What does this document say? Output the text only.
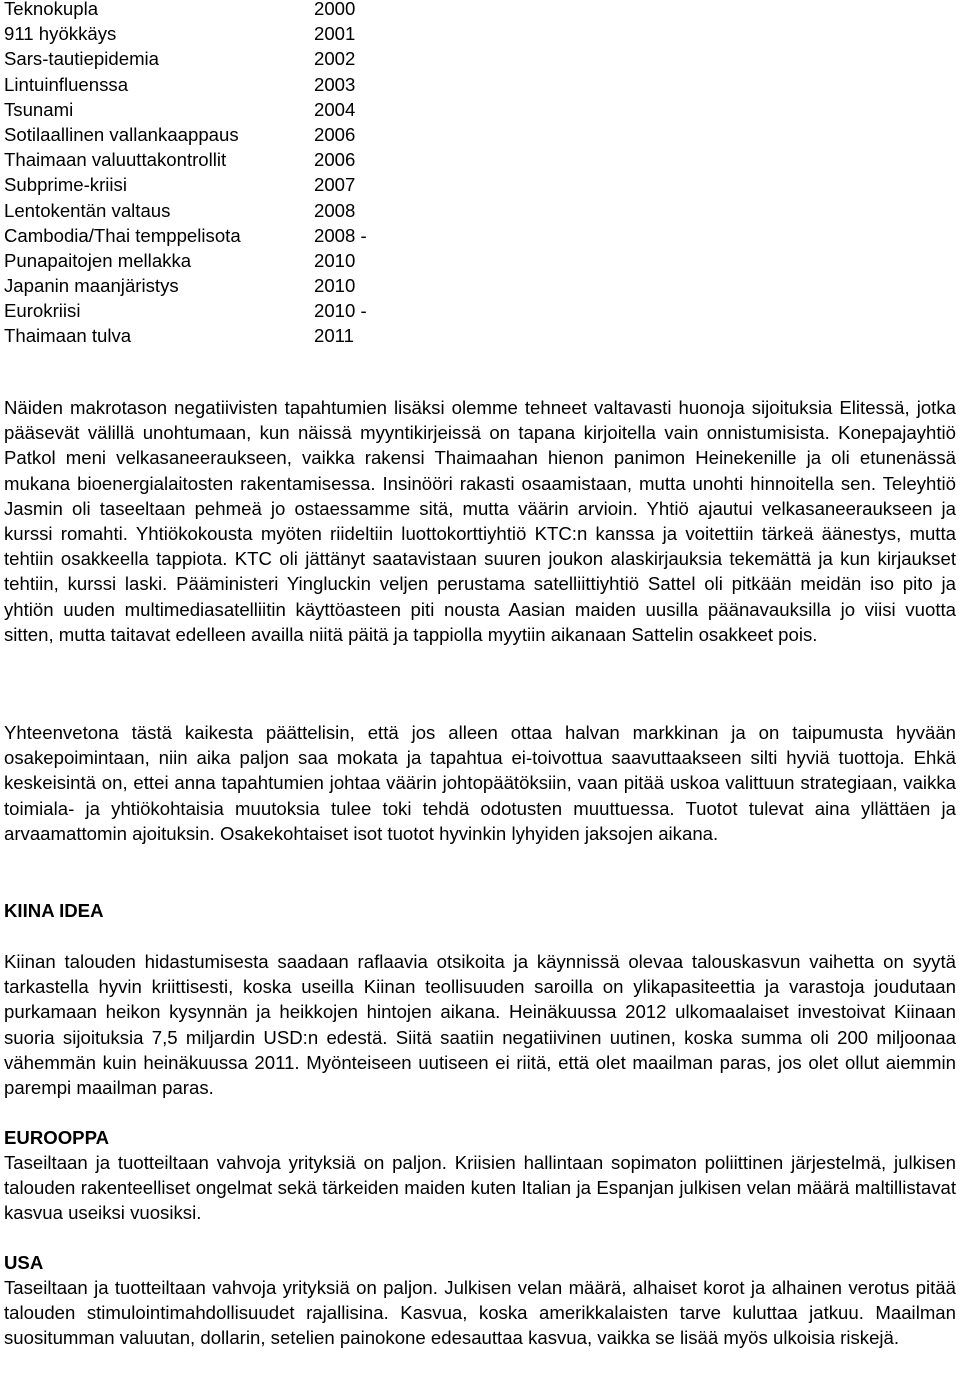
Teknokupla	2000
911 hyökkäys	2001
Sars-tautiepidemia	2002
Lintuinfluenssa	2003
Tsunami	2004
Sotilaallinen vallankaappaus	2006
Thaimaan valuuttakontrollit	2006
Subprime-kriisi	2007
Lentokentän valtaus	2008
Cambodia/Thai temppelisota	2008 -
Punapaitojen mellakka	2010
Japanin maanjäristys	2010
Eurokriisi	2010 -
Thaimaan tulva	2011

Näiden makrotason negatiivisten tapahtumien lisäksi olemme tehneet valtavasti huonoja sijoituksia Elitessä, jotka pääsevät välillä unohtumaan, kun näissä myyntikirjeissä on tapana kirjoitella vain onnistumisista. Konepajayhtiö Patkol meni velkasaneeraukseen, vaikka rakensi Thaimaahan hienon panimon Heinekenille ja oli etunenässä mukana bioenergialaitosten rakentamisessa. Insinööri rakasti osaamistaan, mutta unohti hinnoitella sen. Teleyhtiö Jasmin oli taseeltaan pehmeä jo ostaessamme sitä, mutta väärin arvioin. Yhtiö ajautui velkasaneeraukseen ja kurssi romahti. Yhtiökokousta myöten riideltiin luottokorttiyhtiö KTC:n kanssa ja voitettiin tärkeä äänestys, mutta tehtiin osakkeella tappiota. KTC oli jättänyt saatavistaan suuren joukon alaskirjauksia tekemättä ja kun kirjaukset tehtiin, kurssi laski. Pääministeri Yingluckin veljen perustama satelliittiyhtiö Sattel oli pitkään meidän iso pito ja yhtiön uuden multimediasatelliitin käyttöasteen piti nousta Aasian maiden uusilla päänavauksilla jo viisi vuotta sitten, mutta taitavat edelleen availla niitä päitä ja tappiolla myytiin aikanaan Sattelin osakkeet pois.

Yhteenvetona tästä kaikesta päättelisin, että jos alleen ottaa halvan markkinan ja on taipumusta hyvään osakepoimintaan, niin aika paljon saa mokata ja tapahtua ei-toivottua saavuttaakseen silti hyviä tuottoja. Ehkä keskeisintä on, ettei anna tapahtumien johtaa väärin johtopäätöksiin, vaan pitää uskoa valittuun strategiaan, vaikka toimiala- ja yhtiökohtaisia muutoksia tulee toki tehdä odotusten muuttuessa. Tuotot tulevat aina yllättäen ja arvaamattomin ajoituksin. Osakekohtaiset isot tuotot hyvinkin lyhyiden jaksojen aikana.

KIINA IDEA

Kiinan talouden hidastumisesta saadaan raflaavia otsikoita ja käynnissä olevaa talouskasvun vaihetta on syytä tarkastella hyvin kriittisesti, koska useilla Kiinan teollisuuden saroilla on ylikapasiteettia ja varastoja joudutaan purkamaan heikon kysynnän ja heikkojen hintojen aikana. Heinäkuussa 2012 ulkomaalaiset investoivat Kiinaan suoria sijoituksia 7,5 miljardin USD:n edestä. Siitä saatiin negatiivinen uutinen, koska summa oli 200 miljoonaa vähemmän kuin heinäkuussa 2011. Myönteiseen uutiseen ei riitä, että olet maailman paras, jos olet ollut aiemmin parempi maailman paras.

EUROOPPA

Taseiltaan ja tuotteiltaan vahvoja yrityksiä on paljon. Kriisien hallintaan sopimaton poliittinen järjestelmä, julkisen talouden rakenteelliset ongelmat sekä tärkeiden maiden kuten Italian ja Espanjan julkisen velan määrä maltillistavat kasvua useiksi vuosiksi.

USA

Taseiltaan ja tuotteiltaan vahvoja yrityksiä on paljon. Julkisen velan määrä, alhaiset korot ja alhainen verotus pitää talouden stimulointimahdollisuudet rajallisina. Kasvua, koska amerikkalaisten tarve kuluttaa jatkuu. Maailman suositumman valuutan, dollarin, setelien painokone edesauttaa kasvua, vaikka se lisää myös ulkoisia riskejä.
